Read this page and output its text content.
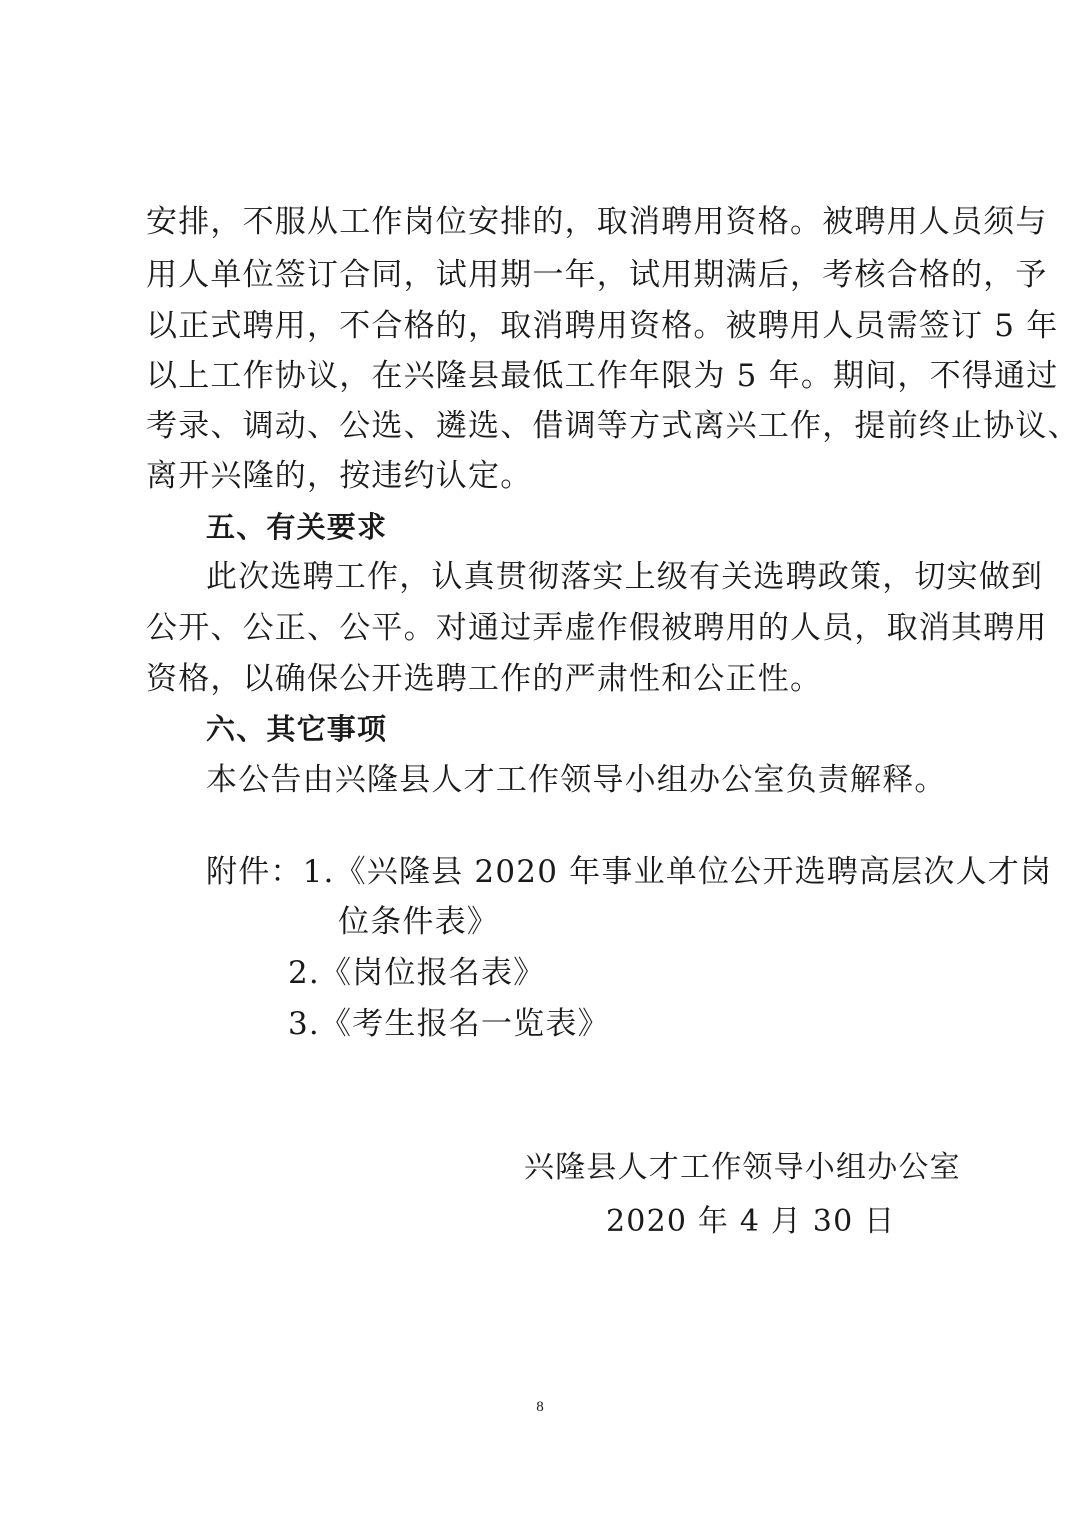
安排，不服从工作岗位安排的，取消聘用资格。被聘用人员须与
用人单位签订合同，试用期一年，试用期满后，考核合格的，予
以正式聘用，不合格的，取消聘用资格。被聘用人员需签订 5 年
以上工作协议，在兴隆县最低工作年限为 5 年。期间，不得通过
考录、调动、公选、遴选、借调等方式离兴工作，提前终止协议、
离开兴隆的，按违约认定。
五、有关要求
此次选聘工作，认真贯彻落实上级有关选聘政策，切实做到
公开、公正、公平。对通过弄虚作假被聘用的人员，取消其聘用
资格，以确保公开选聘工作的严肃性和公正性。
六、其它事项
本公告由兴隆县人才工作领导小组办公室负责解释。
附件：1.《兴隆县 2020 年事业单位公开选聘高层次人才岗
位条件表》
2.《岗位报名表》
3.《考生报名一览表》
兴隆县人才工作领导小组办公室
2020 年 4 月 30 日
8
